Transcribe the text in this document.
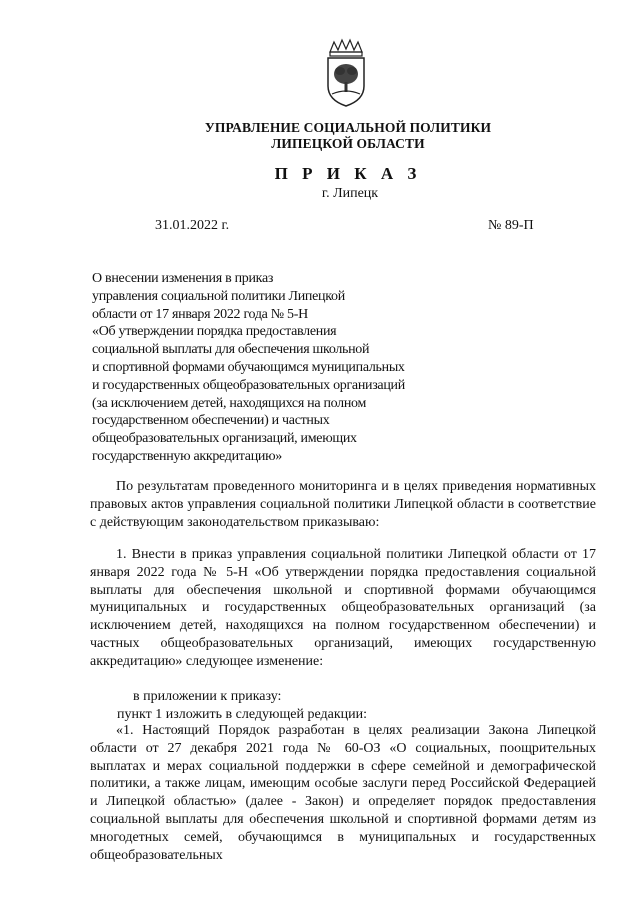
УПРАВЛЕНИЕ СОЦИАЛЬНОЙ ПОЛИТИКИ
ЛИПЕЦКОЙ ОБЛАСТИ
П Р И К А З
г. Липецк
31.01.2022 г.	№ 89-П
О внесении изменения в приказ
управления социальной политики Липецкой
области от 17 января 2022 года № 5-Н
«Об утверждении порядка предоставления
социальной выплаты для обеспечения школьной
и спортивной формами обучающимся муниципальных
и государственных общеобразовательных организаций
(за исключением детей, находящихся на полном
государственном обеспечении) и частных
общеобразовательных организаций, имеющих
государственную аккредитацию»

По результатам проведенного мониторинга и в целях приведения нормативных правовых актов управления социальной политики Липецкой области в соответствие с действующим законодательством приказываю:

1. Внести в приказ управления социальной политики Липецкой области от 17 января 2022 года № 5-Н «Об утверждении порядка предоставления социальной выплаты для обеспечения школьной и спортивной формами обучающимся муниципальных и государственных общеобразовательных организаций (за исключением детей, находящихся на полном государственном обеспечении) и частных общеобразовательных организаций, имеющих государственную аккредитацию» следующее изменение:

в приложении к приказу:
пункт 1 изложить в следующей редакции:

«1. Настоящий Порядок разработан в целях реализации Закона Липецкой области от 27 декабря 2021 года № 60-ОЗ «О социальных, поощрительных выплатах и мерах социальной поддержки в сфере семейной и демографической политики, а также лицам, имеющим особые заслуги перед Российской Федерацией и Липецкой областью» (далее - Закон) и определяет порядок предоставления социальной выплаты для обеспечения школьной и спортивной формами детям из многодетных семей, обучающимся в муниципальных и государственных общеобразовательных
